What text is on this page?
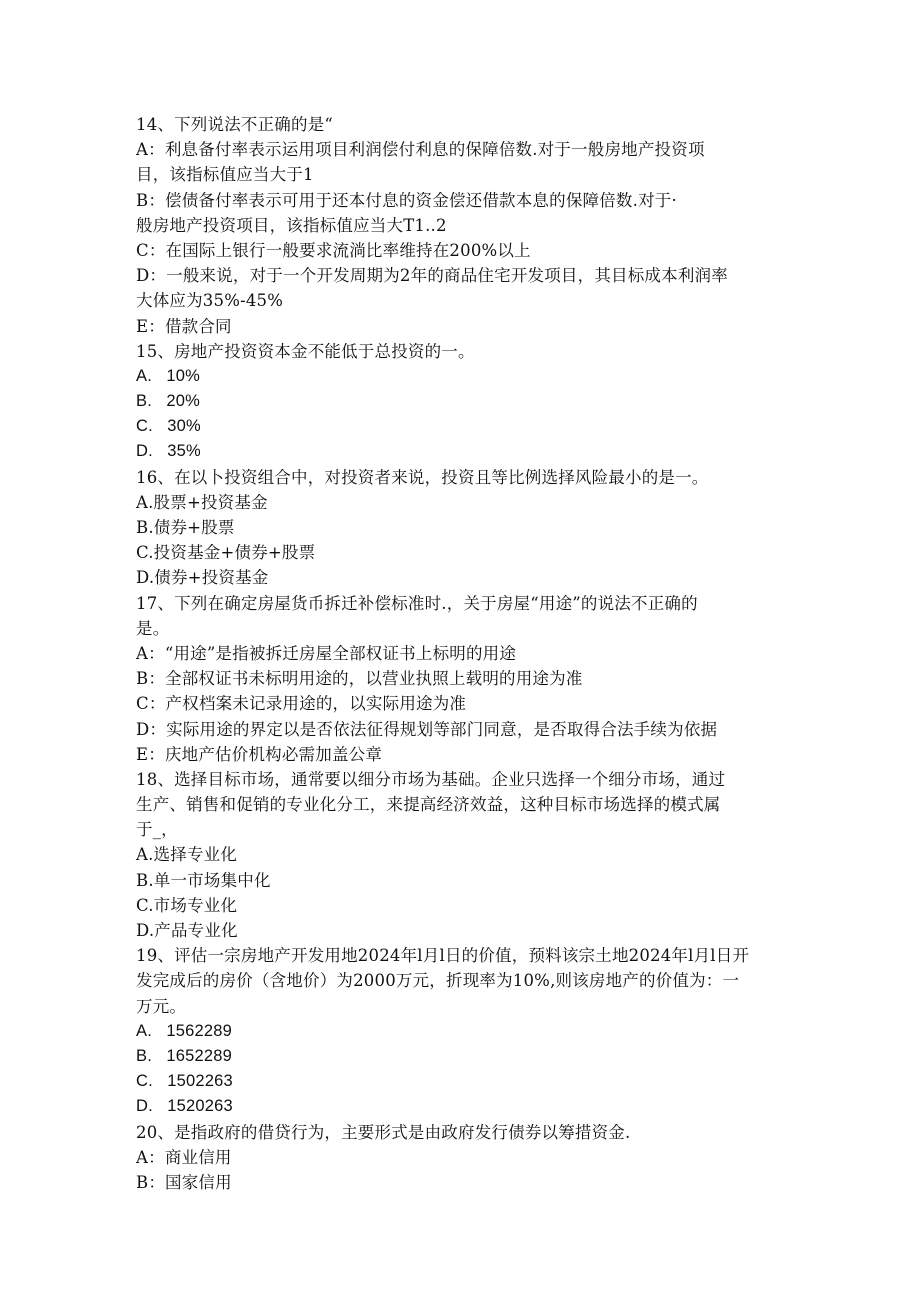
14、下列说法不正确的是“
A：利息备付率表示运用项目利润偿付利息的保障倍数.对于一般房地产投资项
目，该指标值应当大于1
B：偿债备付率表示可用于还本付息的资金偿还借款本息的保障倍数.对于·
般房地产投资项目，该指标值应当大T1..2
C：在国际上银行一般要求流淌比率维持在200%以上
D：一般来说，对于一个开发周期为2年的商品住宅开发项目，其目标成本利润率
大体应为35%-45%
E：借款合同
15、房地产投资资本金不能低于总投资的一。
A.   10%
B.   20%
C.   30%
D.   35%
16、在以卜投资组合中，对投资者来说，投资且等比例选择风险最小的是一。
A.股票+投资基金
B.债券+股票
C.投资基金+债券+股票
D.债券+投资基金
17、下列在确定房屋货币拆迁补偿标准时.，关于房屋“用途”的说法不正确的
是。
A：“用途”是指被拆迁房屋全部权证书上标明的用途
B：全部权证书未标明用途的，以营业执照上载明的用途为准
C：产权档案未记录用途的，以实际用途为准
D：实际用途的界定以是否依法征得规划等部门同意，是否取得合法手续为依据
E：庆地产估价机构必需加盖公章
18、选择目标市场，通常要以细分市场为基础。企业只选择一个细分市场，通过
生产、销售和促销的专业化分工，来提高经济效益，这种目标市场选择的模式属
于_，
A.选择专业化
B.单一市场集中化
C.市场专业化
D.产品专业化
19、评估一宗房地产开发用地2024年l月l日的价值，预料该宗土地2024年l月l日开
发完成后的房价（含地价）为2000万元，折现率为10%,则该房地产的价值为：一
万元。
A.   1562289
B.   1652289
C.   1502263
D.   1520263
20、是指政府的借贷行为，主要形式是由政府发行债券以筹措资金.
A：商业信用
B：国家信用
